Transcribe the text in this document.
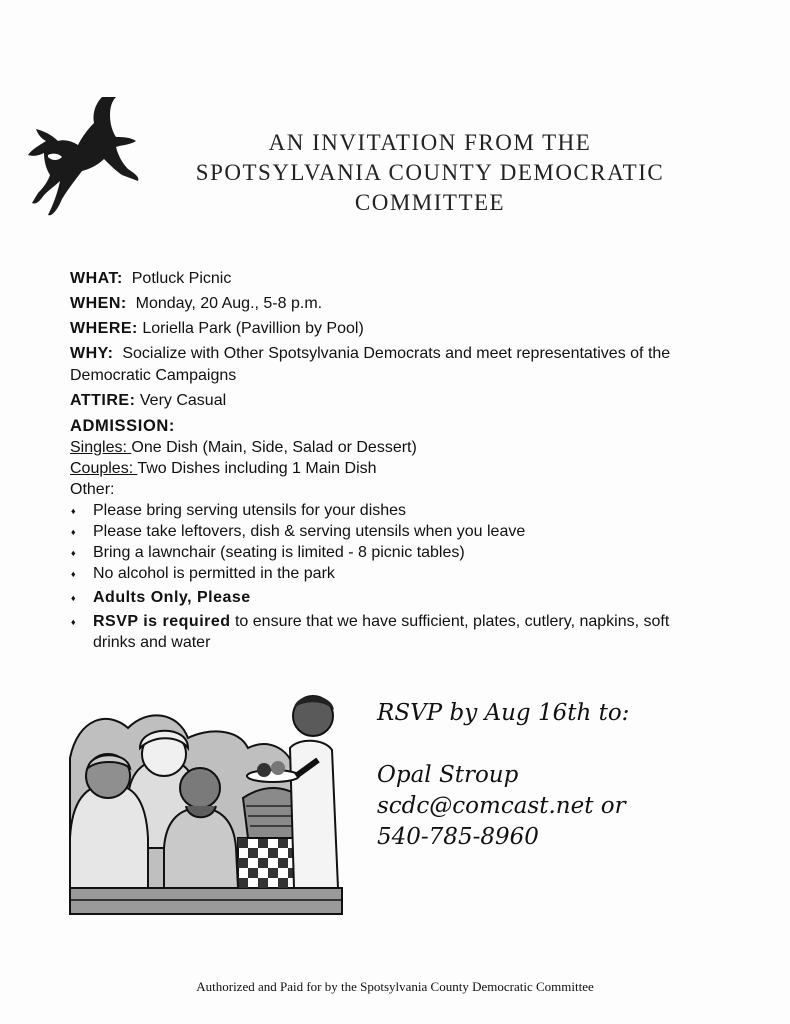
AN INVITATION FROM THE
SPOTSYLVANIA COUNTY DEMOCRATIC
COMMITTEE
WHAT: Potluck Picnic
WHEN: Monday, 20 Aug., 5-8 p.m.
WHERE: Loriella Park (Pavillion by Pool)
WHY: Socialize with Other Spotsylvania Democrats and meet representatives of the Democratic Campaigns
ATTIRE: Very Casual
ADMISSION:
Singles: One Dish (Main, Side, Salad or Dessert)
Couples: Two Dishes including 1 Main Dish
Other:
♦ Please bring serving utensils for your dishes
♦ Please take leftovers, dish & serving utensils when you leave
♦ Bring a lawnchair (seating is limited - 8 picnic tables)
♦ No alcohol is permitted in the park
♦ Adults Only, Please
♦ RSVP is required to ensure that we have sufficient, plates, cutlery, napkins, soft drinks and water
RSVP by Aug 16th to:
Opal Stroup
scdc@comcast.net or
540-785-8960
Authorized and Paid for by the Spotsylvania County Democratic Committee
